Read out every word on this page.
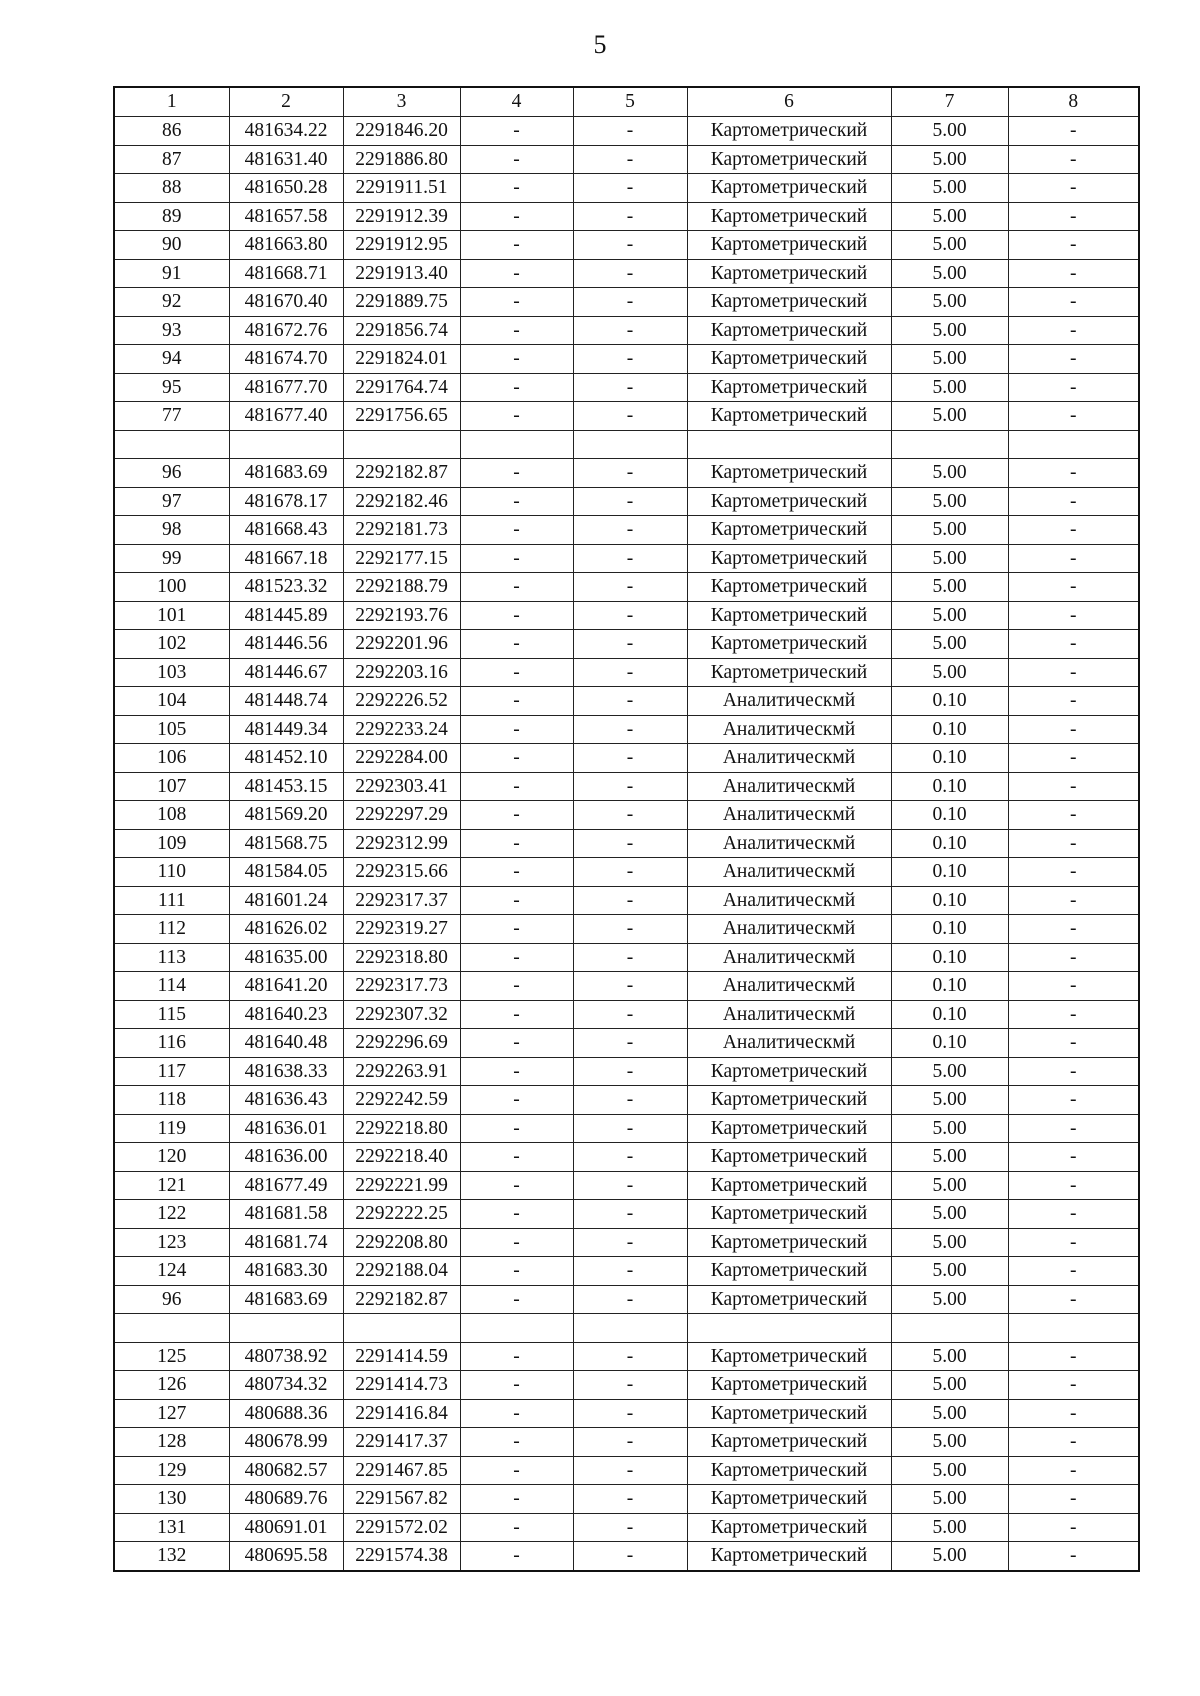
5
1	2	3	4	5	6	7	8
86	481634.22	2291846.20	-	-	Картометрический	5.00	-
87	481631.40	2291886.80	-	-	Картометрический	5.00	-
88	481650.28	2291911.51	-	-	Картометрический	5.00	-
89	481657.58	2291912.39	-	-	Картометрический	5.00	-
90	481663.80	2291912.95	-	-	Картометрический	5.00	-
91	481668.71	2291913.40	-	-	Картометрический	5.00	-
92	481670.40	2291889.75	-	-	Картометрический	5.00	-
93	481672.76	2291856.74	-	-	Картометрический	5.00	-
94	481674.70	2291824.01	-	-	Картометрический	5.00	-
95	481677.70	2291764.74	-	-	Картометрический	5.00	-
77	481677.40	2291756.65	-	-	Картометрический	5.00	-

96	481683.69	2292182.87	-	-	Картометрический	5.00	-
97	481678.17	2292182.46	-	-	Картометрический	5.00	-
98	481668.43	2292181.73	-	-	Картометрический	5.00	-
99	481667.18	2292177.15	-	-	Картометрический	5.00	-
100	481523.32	2292188.79	-	-	Картометрический	5.00	-
101	481445.89	2292193.76	-	-	Картометрический	5.00	-
102	481446.56	2292201.96	-	-	Картометрический	5.00	-
103	481446.67	2292203.16	-	-	Картометрический	5.00	-
104	481448.74	2292226.52	-	-	Аналитическмй	0.10	-
105	481449.34	2292233.24	-	-	Аналитическмй	0.10	-
106	481452.10	2292284.00	-	-	Аналитическмй	0.10	-
107	481453.15	2292303.41	-	-	Аналитическмй	0.10	-
108	481569.20	2292297.29	-	-	Аналитическмй	0.10	-
109	481568.75	2292312.99	-	-	Аналитическмй	0.10	-
110	481584.05	2292315.66	-	-	Аналитическмй	0.10	-
111	481601.24	2292317.37	-	-	Аналитическмй	0.10	-
112	481626.02	2292319.27	-	-	Аналитическмй	0.10	-
113	481635.00	2292318.80	-	-	Аналитическмй	0.10	-
114	481641.20	2292317.73	-	-	Аналитическмй	0.10	-
115	481640.23	2292307.32	-	-	Аналитическмй	0.10	-
116	481640.48	2292296.69	-	-	Аналитическмй	0.10	-
117	481638.33	2292263.91	-	-	Картометрический	5.00	-
118	481636.43	2292242.59	-	-	Картометрический	5.00	-
119	481636.01	2292218.80	-	-	Картометрический	5.00	-
120	481636.00	2292218.40	-	-	Картометрический	5.00	-
121	481677.49	2292221.99	-	-	Картометрический	5.00	-
122	481681.58	2292222.25	-	-	Картометрический	5.00	-
123	481681.74	2292208.80	-	-	Картометрический	5.00	-
124	481683.30	2292188.04	-	-	Картометрический	5.00	-
96	481683.69	2292182.87	-	-	Картометрический	5.00	-

125	480738.92	2291414.59	-	-	Картометрический	5.00	-
126	480734.32	2291414.73	-	-	Картометрический	5.00	-
127	480688.36	2291416.84	-	-	Картометрический	5.00	-
128	480678.99	2291417.37	-	-	Картометрический	5.00	-
129	480682.57	2291467.85	-	-	Картометрический	5.00	-
130	480689.76	2291567.82	-	-	Картометрический	5.00	-
131	480691.01	2291572.02	-	-	Картометрический	5.00	-
132	480695.58	2291574.38	-	-	Картометрический	5.00	-
